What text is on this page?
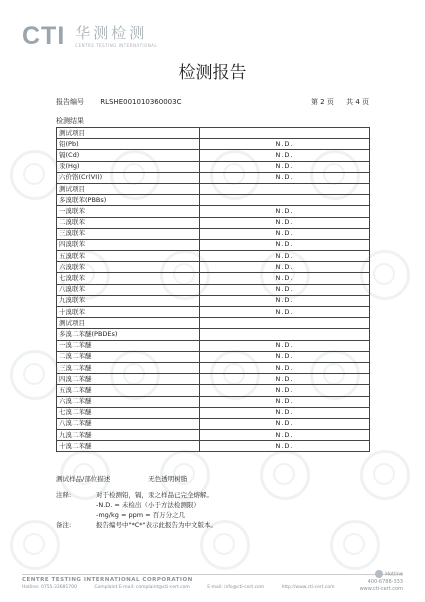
CTI 华测检测
CENTRE TESTING INTERNATIONAL
检测报告
报告编号 RLSHE001010360003C	第 2 页 共 4 页
检测结果
测试项目	
铅(Pb)	N.D.
镉(Cd)	N.D.
汞(Hg)	N.D.
六价铬(Cr(VI))	N.D.
测试项目	
多溴联苯(PBBs)	
一溴联苯	N.D.
二溴联苯	N.D.
三溴联苯	N.D.
四溴联苯	N.D.
五溴联苯	N.D.
六溴联苯	N.D.
七溴联苯	N.D.
八溴联苯	N.D.
九溴联苯	N.D.
十溴联苯	N.D.
测试项目	
多溴二苯醚(PBDEs)	
一溴二苯醚	N.D.
二溴二苯醚	N.D.
三溴二苯醚	N.D.
四溴二苯醚	N.D.
五溴二苯醚	N.D.
六溴二苯醚	N.D.
七溴二苯醚	N.D.
八溴二苯醚	N.D.
九溴二苯醚	N.D.
十溴二苯醚	N.D.
测试样品/部位描述	无色透明树脂
注释:	对于检测铅，镉，汞之样品已完全熔解。
-N.D. = 未检出（小于方法检测限）
-mg/kg = ppm = 百万分之几
备注:	报告编号中"*C*"表示此报告为中文版本。
CENTRE TESTING INTERNATIONAL CORPORATION
Hotline: 0755-33681700	Complaint E-mail: complaint@cti-cert.com	E-mail: info@cti-cert.com	http://www.cti-cert.com
Hotline
400-6788-333
www.cti-cert.com
